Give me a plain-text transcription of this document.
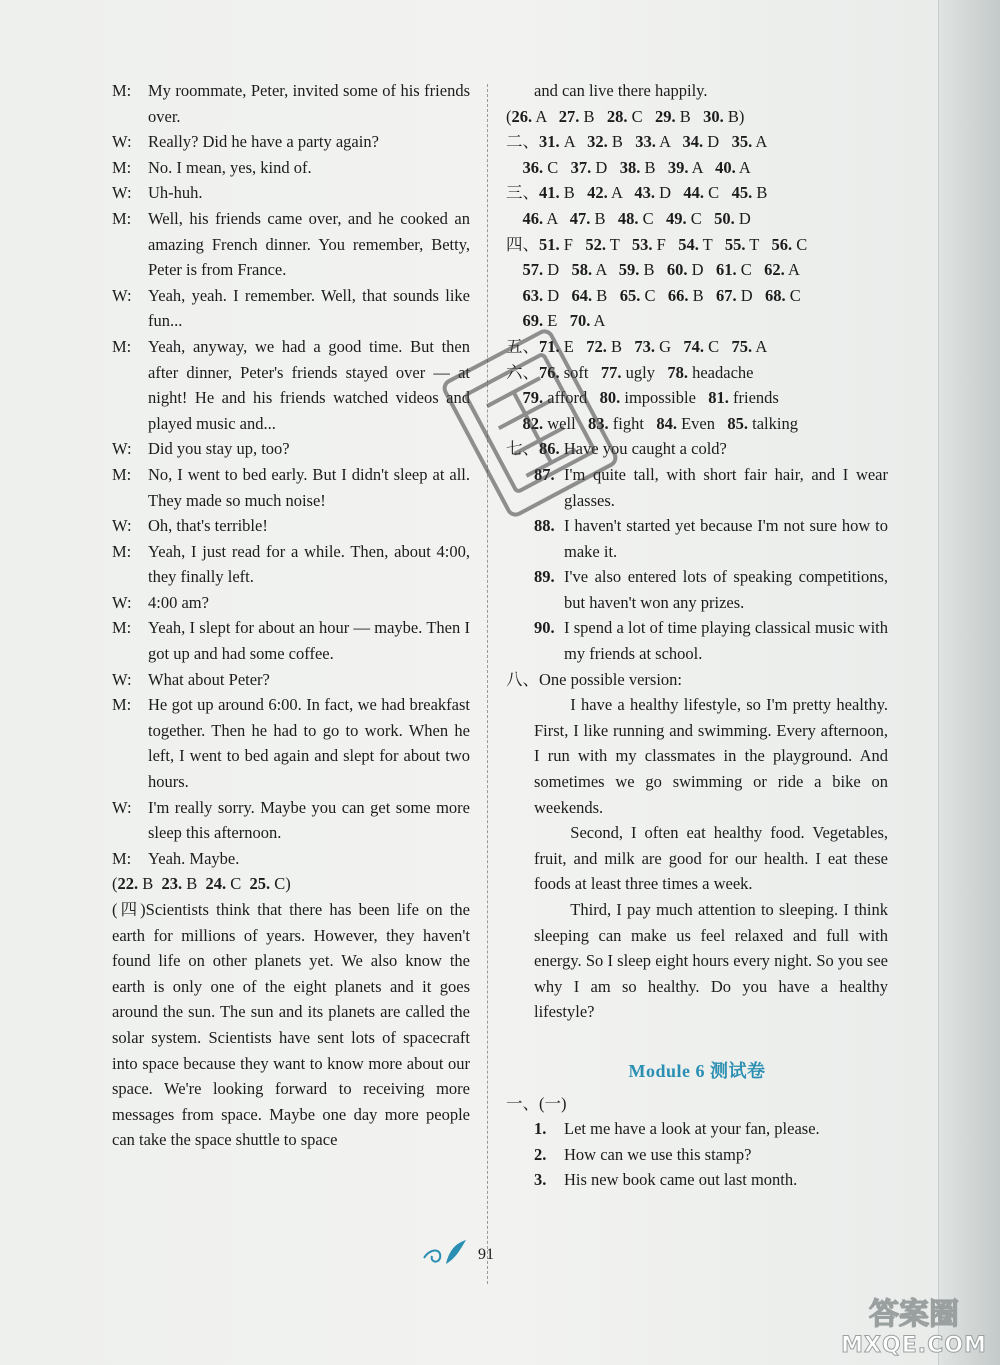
M:	My roommate, Peter, invited some of his friends over.
W: Really? Did he have a party again?
M:	No. I mean, yes, kind of.
W: Uh-huh.
M:	Well, his friends came over, and he cooked an amazing French dinner. You remember, Betty, Peter is from France.
W: Yeah, yeah. I remember. Well, that sounds like fun...
M:	Yeah, anyway, we had a good time. But then after dinner, Peter's friends stayed over — at night! He and his friends watched videos and played music and...
W: Did you stay up, too?
M:	No, I went to bed early. But I didn't sleep at all. They made so much noise!
W: Oh, that's terrible!
M:	Yeah, I just read for a while. Then, about 4:00, they finally left.
W: 4:00 am?
M:	Yeah, I slept for about an hour — maybe. Then I got up and had some coffee.
W: What about Peter?
M:	He got up around 6:00. In fact, we had breakfast together. Then he had to go to work. When he left, I went to bed again and slept for about two hours.
W: I'm really sorry. Maybe you can get some more sleep this afternoon.
M:	Yeah. Maybe.
(22. B  23. B  24. C  25. C)
(四)Scientists think that there has been life on the earth for millions of years. However, they haven't found life on other planets yet. We also know the earth is only one of the eight planets and it goes around the sun. The sun and its planets are called the solar system. Scientists have sent lots of spacecraft into space because they want to know more about our space. We're looking forward to receiving more messages from space. Maybe one day more people can take the space shuttle to space
and can live there happily.
(26. A   27. B   28. C   29. B   30. B)
二、31. A   32. B   33. A   34. D   35. A
36. C   37. D   38. B   39. A   40. A
三、41. B   42. A   43. D   44. C   45. B
46. A   47. B   48. C   49. C   50. D
四、51. F   52. T   53. F   54. T   55. T   56. C
57. D   58. A   59. B   60. D   61. C   62. A
63. D   64. B   65. C   66. B   67. D   68. C
69. E   70. A
五、71. E   72. B   73. G   74. C   75. A
六、76. soft   77. ugly   78. headache
79. afford   80. impossible   81. friends
82. well   83. fight   84. Even   85. talking
七、86. Have you caught a cold?
87. I'm quite tall, with short fair hair, and I wear glasses.
88. I haven't started yet because I'm not sure how to make it.
89. I've also entered lots of speaking competitions, but haven't won any prizes.
90. I spend a lot of time playing classical music with my friends at school.
八、One possible version:

I have a healthy lifestyle, so I'm pretty healthy. First, I like running and swimming. Every afternoon, I run with my classmates in the playground. And sometimes we go swimming or ride a bike on weekends.

Second, I often eat healthy food. Vegetables, fruit, and milk are good for our health. I eat these foods at least three times a week.

Third, I pay much attention to sleeping. I think sleeping can make us feel relaxed and full with energy. So I sleep eight hours every night. So you see why I am so healthy. Do you have a healthy lifestyle?

Module 6 测试卷
一、(一)
1.	Let me have a look at your fan, please.
2.	How can we use this stamp?
3.	His new book came out last month.
91
答案圈
MXQE.COM
